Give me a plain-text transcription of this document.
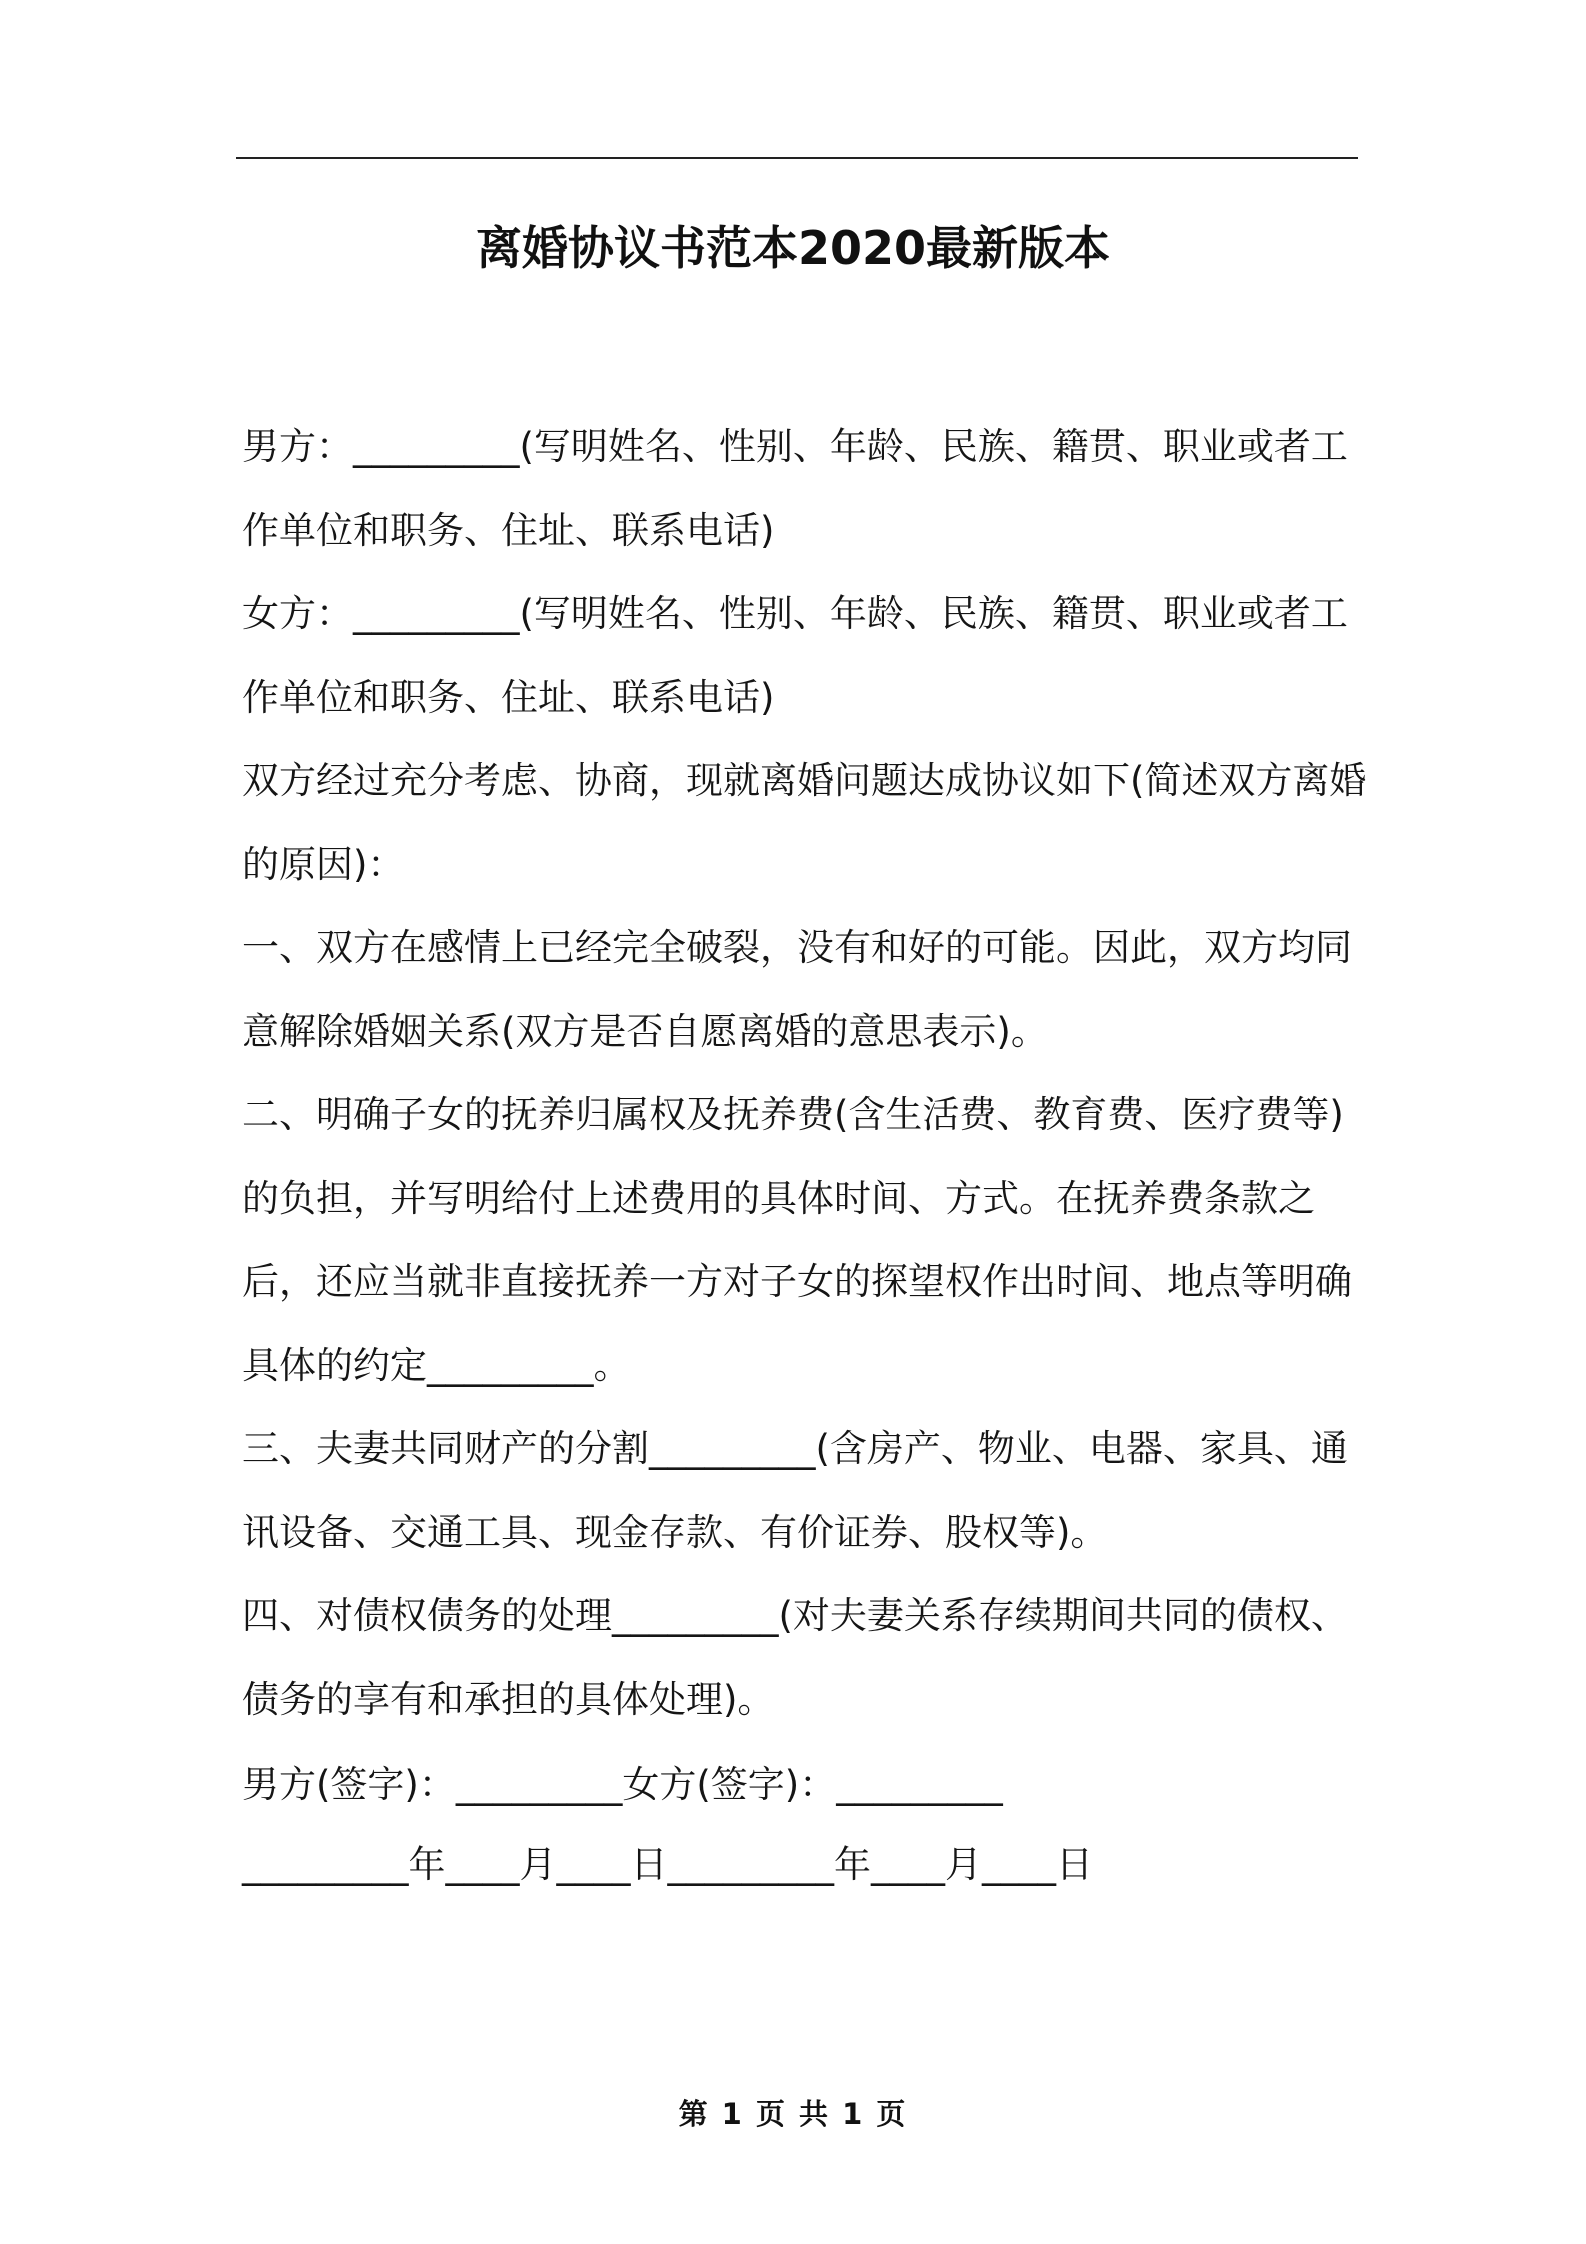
离婚协议书范本2020最新版本

男方：_________(写明姓名、性别、年龄、民族、籍贯、职业或者工作单位和职务、住址、联系电话)

女方：_________(写明姓名、性别、年龄、民族、籍贯、职业或者工作单位和职务、住址、联系电话)

双方经过充分考虑、协商，现就离婚问题达成协议如下(简述双方离婚的原因)：

一、双方在感情上已经完全破裂，没有和好的可能。因此，双方均同意解除婚姻关系(双方是否自愿离婚的意思表示)。

二、明确子女的抚养归属权及抚养费(含生活费、教育费、医疗费等)的负担，并写明给付上述费用的具体时间、方式。在抚养费条款之后，还应当就非直接抚养一方对子女的探望权作出时间、地点等明确具体的约定_________。

三、夫妻共同财产的分割_________(含房产、物业、电器、家具、通讯设备、交通工具、现金存款、有价证券、股权等)。

四、对债权债务的处理_________(对夫妻关系存续期间共同的债权、债务的享有和承担的具体处理)。

男方(签字)：_________女方(签字)：_________

_________年____月____日_________年____月____日

第 1 页 共 1 页
